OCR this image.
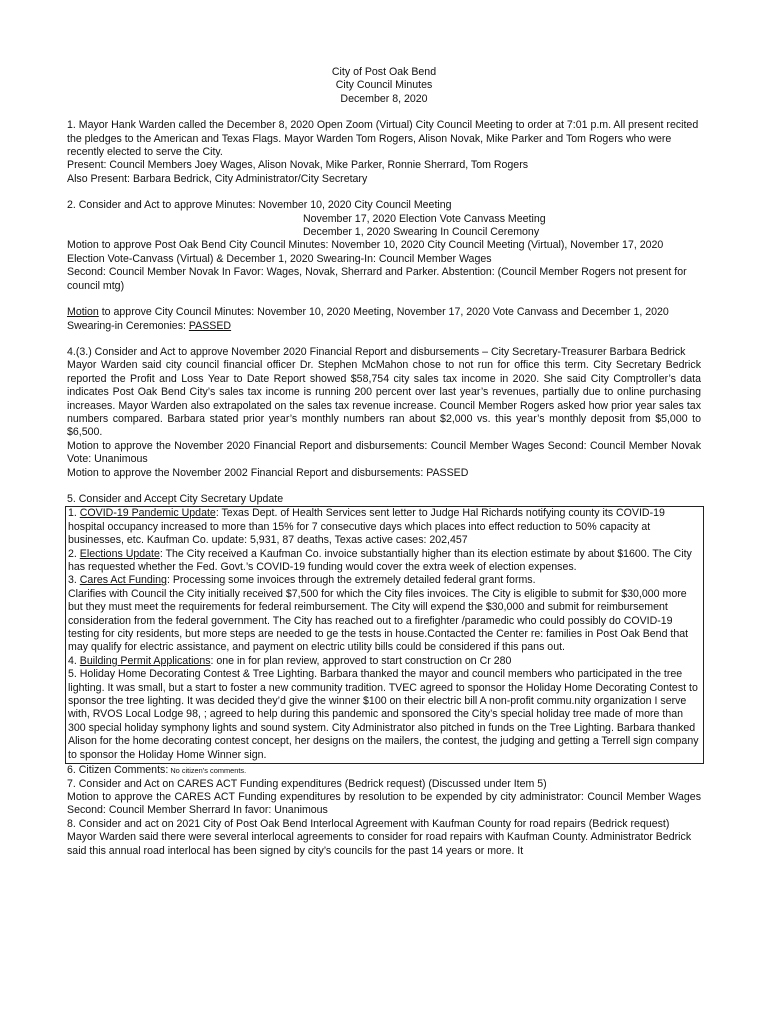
City of Post Oak Bend

City Council Minutes

December 8, 2020

1. Mayor Hank Warden called the December 8, 2020 Open Zoom (Virtual) City Council Meeting to order at 7:01 p.m. All present recited the pledges to the American and Texas Flags. Mayor Warden Tom Rogers, Alison Novak, Mike Parker and Tom Rogers who were recently elected to serve the City.

Present: Council Members Joey Wages, Alison Novak, Mike Parker, Ronnie Sherrard, Tom Rogers

Also Present: Barbara Bedrick, City Administrator/City Secretary

2. Consider and Act to approve Minutes: November 10, 2020 City Council Meeting

November 17, 2020 Election Vote Canvass Meeting

December 1, 2020 Swearing In Council Ceremony

Motion to approve Post Oak Bend City Council Minutes: November 10, 2020 City Council Meeting (Virtual), November 17, 2020 Election Vote-Canvass (Virtual) & December 1, 2020 Swearing-In: Council Member Wages

Second: Council Member Novak In Favor: Wages, Novak, Sherrard and Parker. Abstention: (Council Member Rogers not present for council mtg)

Motion to approve City Council Minutes: November 10, 2020 Meeting, November 17, 2020 Vote Canvass and December 1, 2020 Swearing-in Ceremonies: PASSED

4.(3.) Consider and Act to approve November 2020 Financial Report and disbursements – City Secretary-Treasurer Barbara Bedrick

Mayor Warden said city council financial officer Dr. Stephen McMahon chose to not run for office this term. City Secretary Bedrick reported the Profit and Loss Year to Date Report showed $58,754 city sales tax income in 2020. She said City Comptroller’s data indicates Post Oak Bend City’s sales tax income is running 200 percent over last year’s revenues, partially due to online purchasing increases. Mayor Warden also extrapolated on the sales tax revenue increase. Council Member Rogers asked how prior year sales tax numbers compared. Barbara stated prior year’s monthly numbers ran about $2,000 vs. this year’s monthly deposit from $5,000 to $6,500.

Motion to approve the November 2020 Financial Report and disbursements: Council Member Wages Second: Council Member Novak Vote: Unanimous

Motion to approve the November 2002 Financial Report and disbursements: PASSED

5. Consider and Accept City Secretary Update

1. COVID-19 Pandemic Update: Texas Dept. of Health Services sent letter to Judge Hal Richards notifying county its COVID-19 hospital occupancy increased to more than 15% for 7 consecutive days which places into effect reduction to 50% capacity at businesses, etc. Kaufman Co. update: 5,931, 87 deaths, Texas active cases: 202,457

2. Elections Update: The City received a Kaufman Co. invoice substantially higher than its election estimate by about $1600. The City has requested whether the Fed. Govt.’s COVID-19 funding would cover the extra week of election expenses.

3. Cares Act Funding: Processing some invoices through the extremely detailed federal grant forms.

Clarifies with Council the City initially received $7,500 for which the City files invoices. The City is eligible to submit for $30,000 more but they must meet the requirements for federal reimbursement. The City will expend the $30,000 and submit for reimbursement consideration from the federal government. The City has reached out to a firefighter /paramedic who could possibly do COVID-19 testing for city residents, but more steps are needed to ge the tests in house.Contacted the Center re: families in Post Oak Bend that may qualify for electric assistance, and payment on electric utility bills could be considered if this pans out.

4. Building Permit Applications: one in for plan review, approved to start construction on Cr 280

5. Holiday Home Decorating Contest & Tree Lighting. Barbara thanked the mayor and council members who participated in the tree lighting. It was small, but a start to foster a new community tradition. TVEC agreed to sponsor the Holiday Home Decorating Contest to sponsor the tree lighting. It was decided they’d give the winner $100 on their electric bill A non-profit commu.nity organization I serve with, RVOS Local Lodge 98, ; agreed to help during this pandemic and sponsored the City’s special holiday tree made of more than 300 special holiday symphony lights and sound system. City Administrator also pitched in funds on the Tree Lighting. Barbara thanked Alison for the home decorating contest concept, her designs on the mailers, the contest, the judging and getting a Terrell sign company to sponsor the Holiday Home Winner sign.

6. Citizen Comments: No citizen’s comments.

7. Consider and Act on CARES ACT Funding expenditures (Bedrick request) (Discussed under Item 5)

Motion to approve the CARES ACT Funding expenditures by resolution to be expended by city administrator: Council Member Wages Second: Council Member Sherrard In favor: Unanimous

8. Consider and act on 2021 City of Post Oak Bend Interlocal Agreement with Kaufman County for road repairs (Bedrick request)

Mayor Warden said there were several interlocal agreements to consider for road repairs with Kaufman County. Administrator Bedrick said this annual road interlocal has been signed by city’s councils for the past 14 years or more. It
